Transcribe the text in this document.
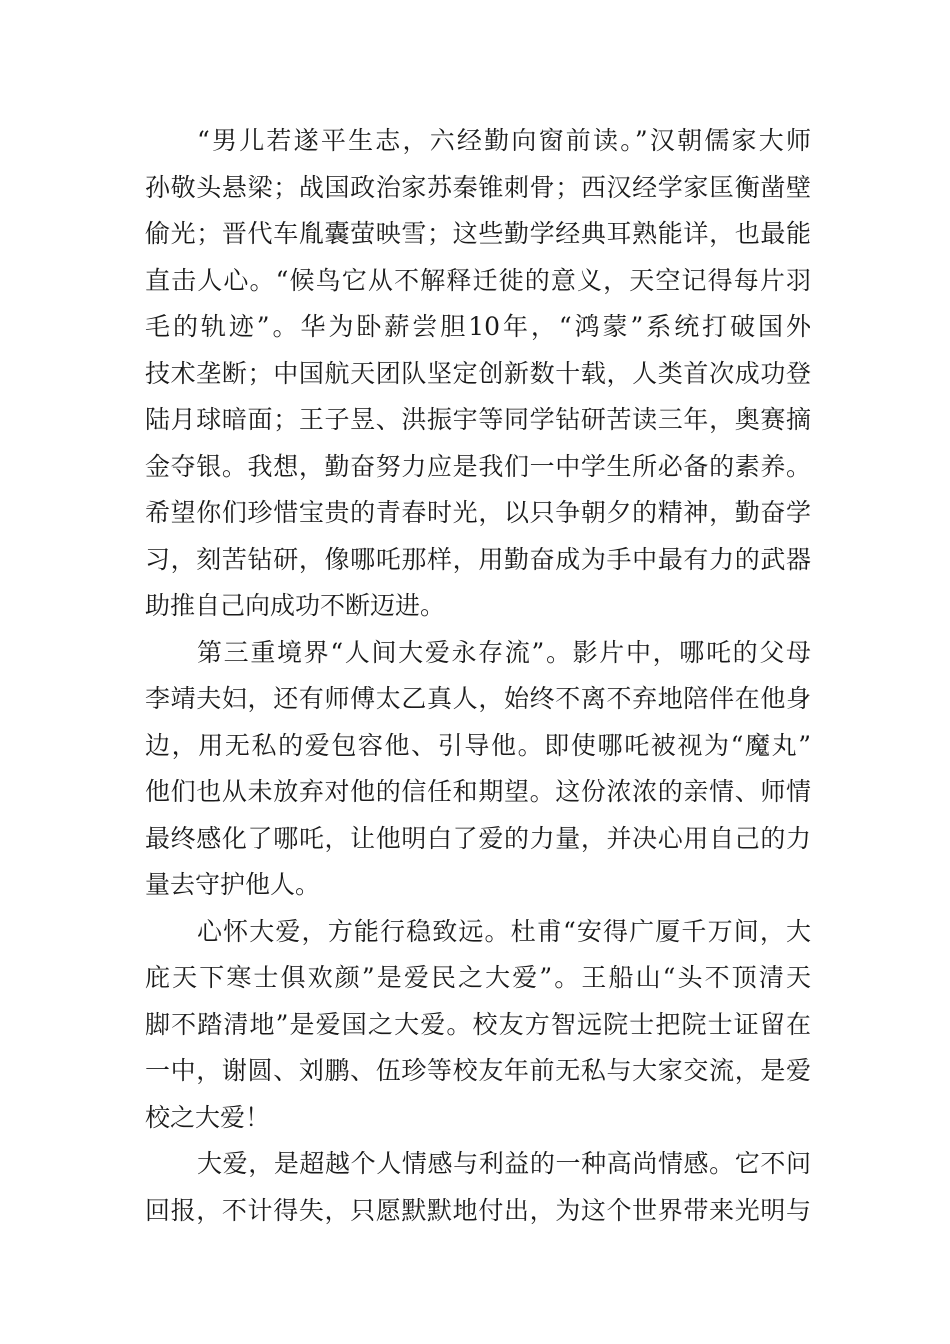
“男儿若遂平生志，六经勤向窗前读。”汉朝儒家大师
孙敬头悬梁；战国政治家苏秦锥刺骨；西汉经学家匡衡凿壁
偷光；晋代车胤囊萤映雪；这些勤学经典耳熟能详，也最能
直击人心。“候鸟它从不解释迁徙的意义，天空记得每片羽
毛的轨迹”。华为卧薪尝胆10年，“鸿蒙”系统打破国外
技术垄断；中国航天团队坚定创新数十载，人类首次成功登
陆月球暗面；王子昱、洪振宇等同学钻研苦读三年，奥赛摘
金夺银。我想，勤奋努力应是我们一中学生所必备的素养。
希望你们珍惜宝贵的青春时光，以只争朝夕的精神，勤奋学
习，刻苦钻研，像哪吒那样，用勤奋成为手中最有力的武器
助推自己向成功不断迈进。
第三重境界“人间大爱永存流”。影片中，哪吒的父母
李靖夫妇，还有师傅太乙真人，始终不离不弃地陪伴在他身
边，用无私的爱包容他、引导他。即使哪吒被视为“魔丸”
他们也从未放弃对他的信任和期望。这份浓浓的亲情、师情
最终感化了哪吒，让他明白了爱的力量，并决心用自己的力
量去守护他人。
心怀大爱，方能行稳致远。杜甫“安得广厦千万间，大
庇天下寒士俱欢颜”是爱民之大爱”。王船山“头不顶清天
脚不踏清地”是爱国之大爱。校友方智远院士把院士证留在
一中，谢圆、刘鹏、伍珍等校友年前无私与大家交流，是爱
校之大爱！
大爱，是超越个人情感与利益的一种高尚情感。它不问
回报，不计得失，只愿默默地付出，为这个世界带来光明与
